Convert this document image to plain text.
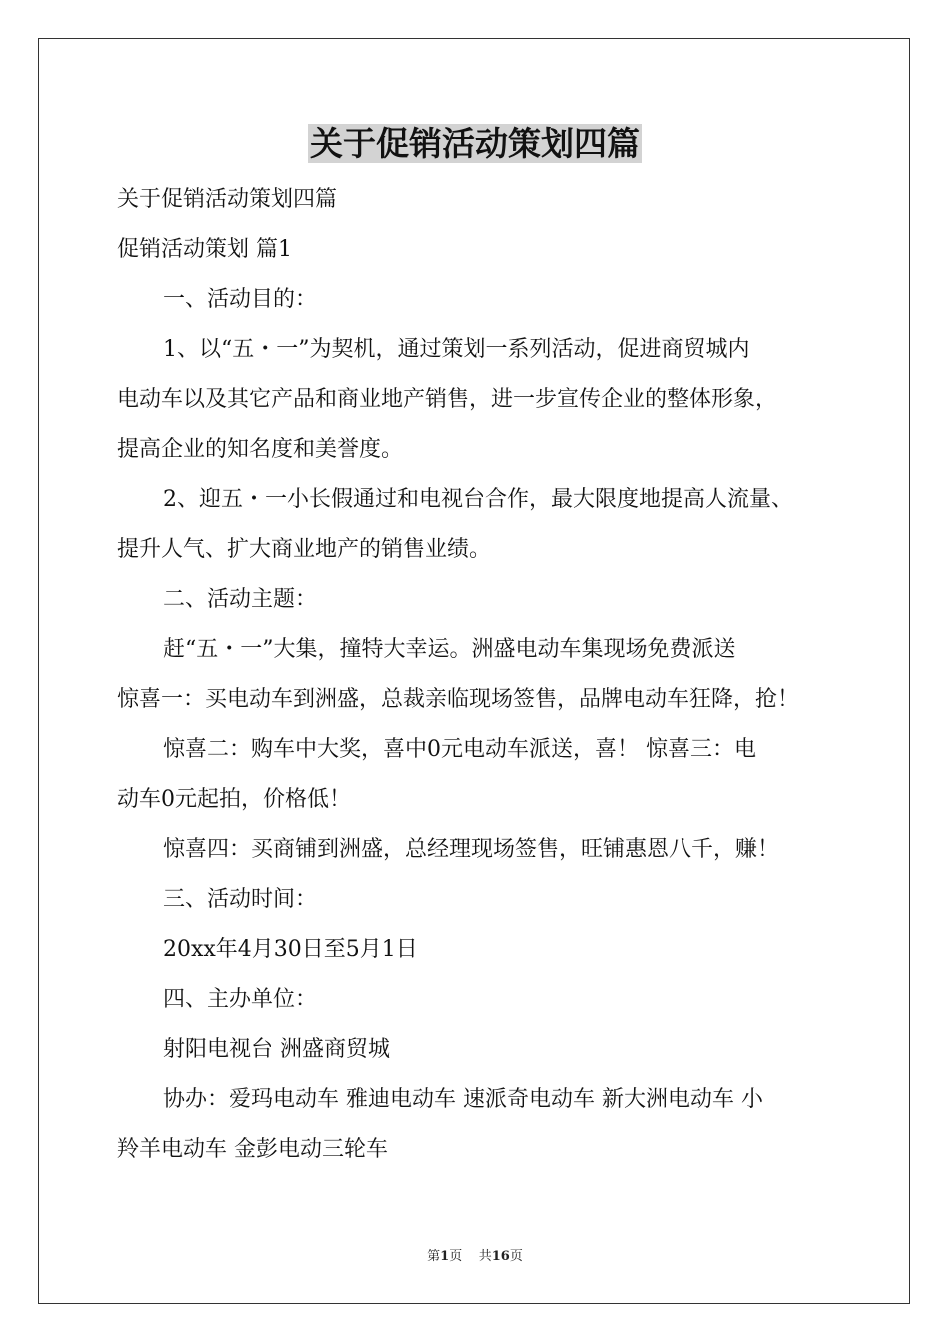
关于促销活动策划四篇
关于促销活动策划四篇
促销活动策划 篇1
一、活动目的：
1、以“五・一”为契机，通过策划一系列活动，促进商贸城内
电动车以及其它产品和商业地产销售，进一步宣传企业的整体形象，
提高企业的知名度和美誉度。
2、迎五・一小长假通过和电视台合作，最大限度地提高人流量、
提升人气、扩大商业地产的销售业绩。
二、活动主题：
赶“五・一”大集，撞特大幸运。洲盛电动车集现场免费派送
惊喜一：买电动车到洲盛，总裁亲临现场签售，品牌电动车狂降，抢！
惊喜二：购车中大奖，喜中0元电动车派送，喜！ 惊喜三：电
动车0元起拍，价格低！
惊喜四：买商铺到洲盛，总经理现场签售，旺铺惠恩八千，赚！
三、活动时间：
20xx年4月30日至5月1日
四、主办单位：
射阳电视台 洲盛商贸城
协办：爱玛电动车 雅迪电动车 速派奇电动车 新大洲电动车 小
羚羊电动车 金彭电动三轮车
第1页 共16页
